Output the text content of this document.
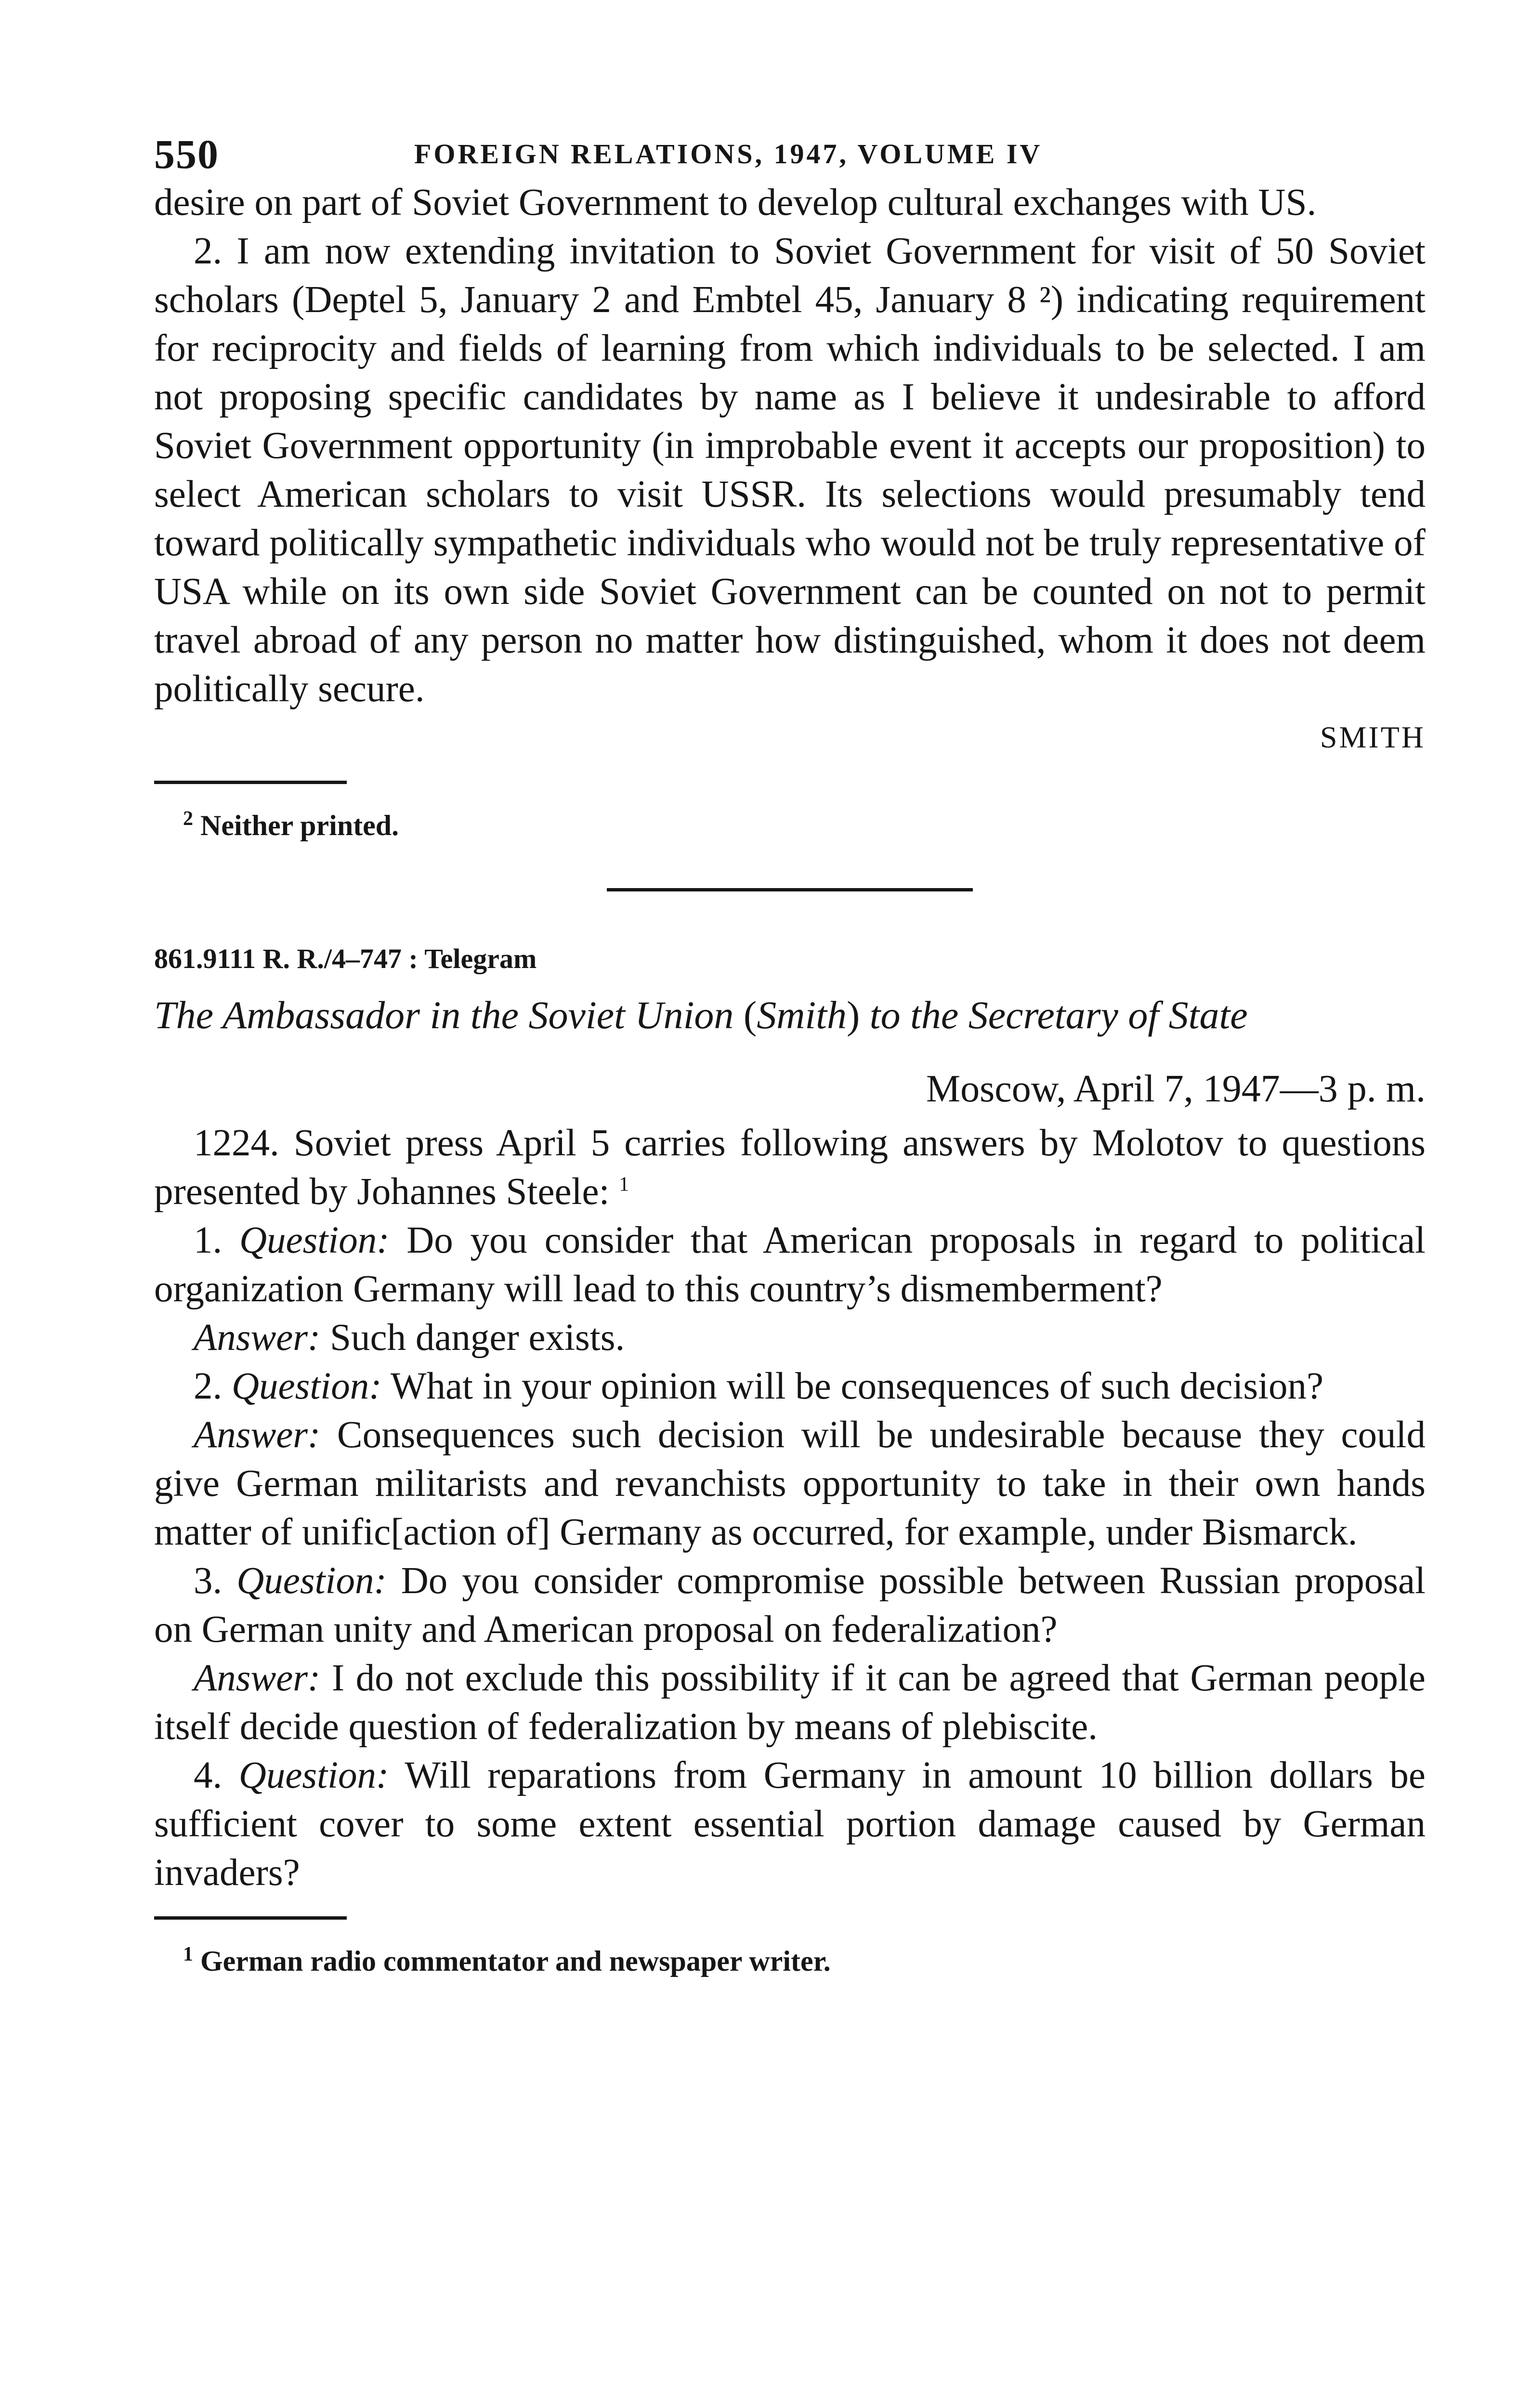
550	FOREIGN RELATIONS, 1947, VOLUME IV

desire on part of Soviet Government to develop cultural exchanges with US.

2. I am now extending invitation to Soviet Government for visit of 50 Soviet scholars (Deptel 5, January 2 and Embtel 45, January 8 ²) indicating requirement for reciprocity and fields of learning from which individuals to be selected. I am not proposing specific candidates by name as I believe it undesirable to afford Soviet Government opportunity (in improbable event it accepts our proposition) to select American scholars to visit USSR. Its selections would presumably tend toward politically sympathetic individuals who would not be truly representative of USA while on its own side Soviet Government can be counted on not to permit travel abroad of any person no matter how distinguished, whom it does not deem politically secure.

SMITH

$^2$ Neither printed.

861.9111 R. R./4–747 : Telegram

The Ambassador in the Soviet Union (Smith) to the Secretary of State

Moscow, April 7, 1947—3 p. m.

1224. Soviet press April 5 carries following answers by Molotov to questions presented by Johannes Steele: $^1$

1. Question: Do you consider that American proposals in regard to political organization Germany will lead to this country’s dismemberment?

Answer: Such danger exists.

2. Question: What in your opinion will be consequences of such decision?

Answer: Consequences such decision will be undesirable because they could give German militarists and revanchists opportunity to take in their own hands matter of unific[action of] Germany as occurred, for example, under Bismarck.

3. Question: Do you consider compromise possible between Russian proposal on German unity and American proposal on federalization?

Answer: I do not exclude this possibility if it can be agreed that German people itself decide question of federalization by means of plebiscite.

4. Question: Will reparations from Germany in amount 10 billion dollars be sufficient cover to some extent essential portion damage caused by German invaders?

$^1$ German radio commentator and newspaper writer.
